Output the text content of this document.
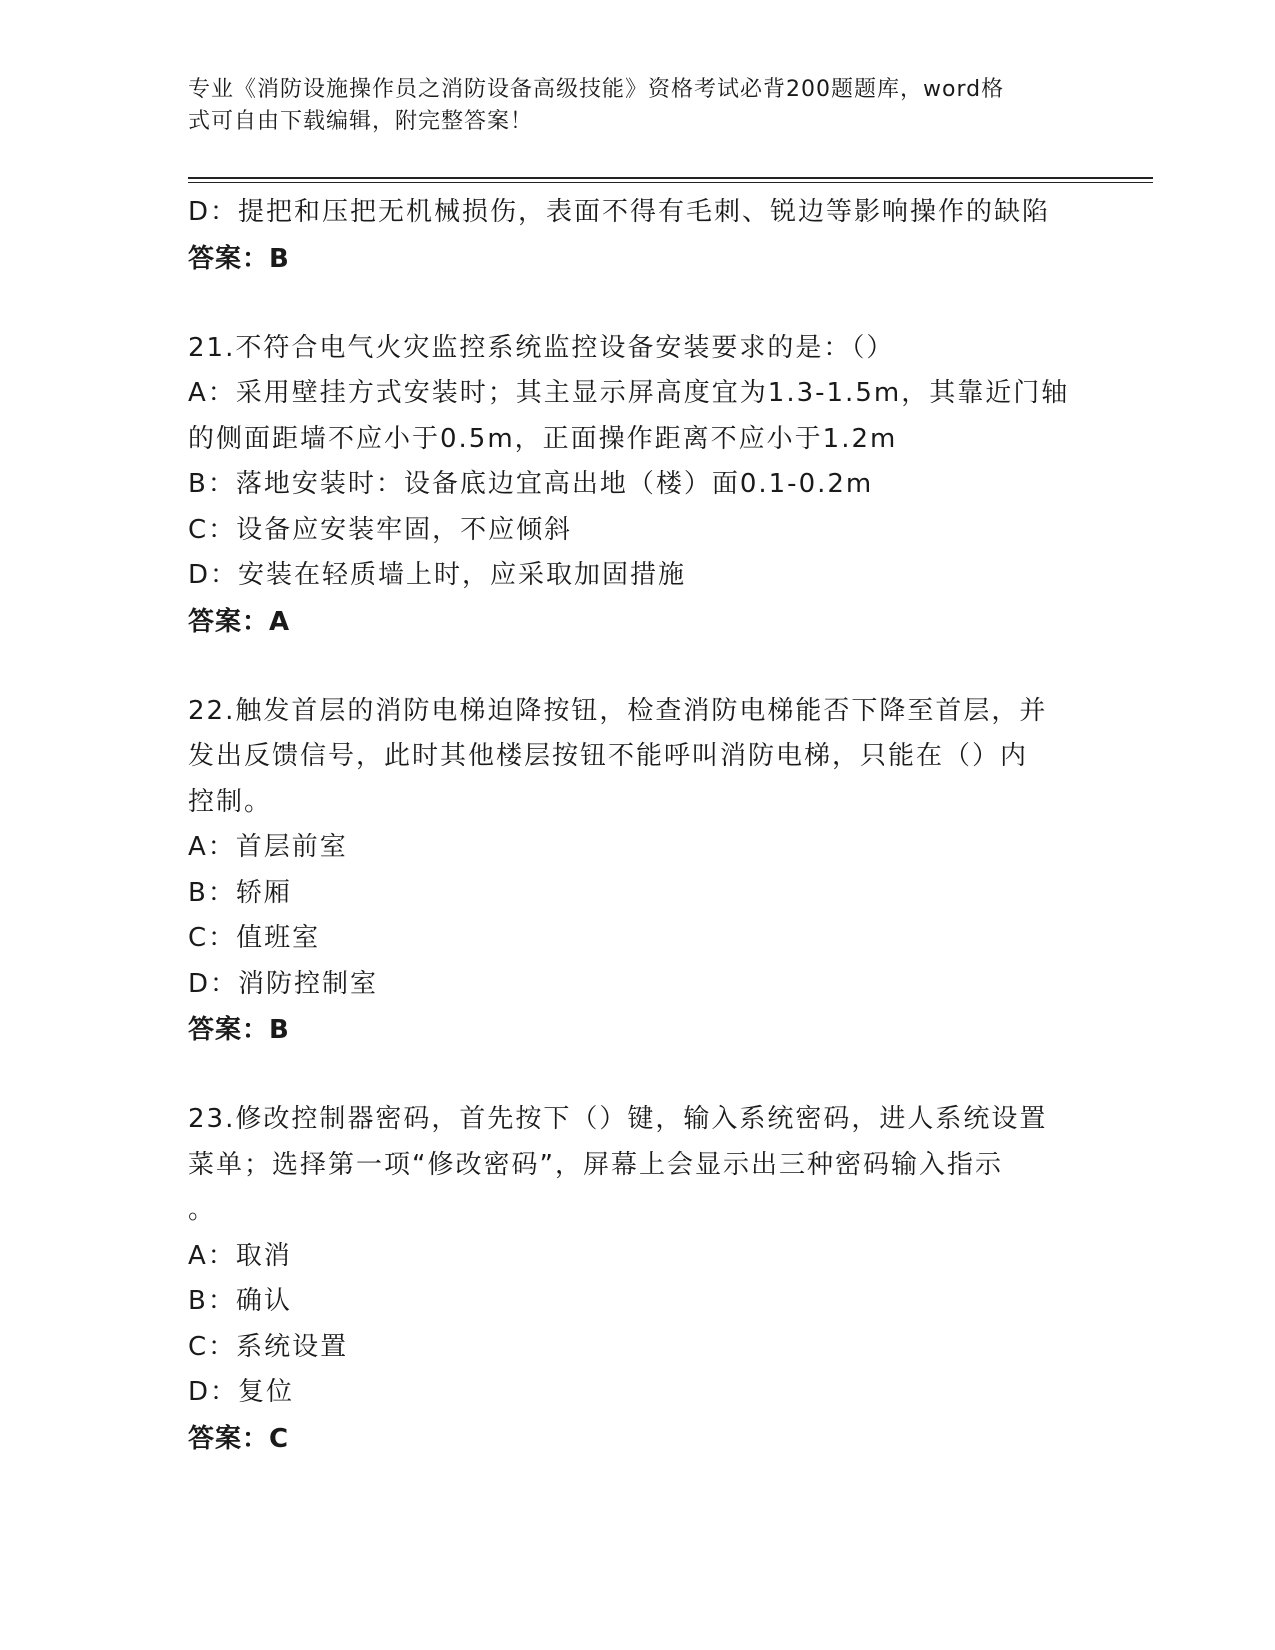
专业《消防设施操作员之消防设备高级技能》资格考试必背200题题库，word格
式可自由下载编辑，附完整答案！
D：提把和压把无机械损伤，表面不得有毛刺、锐边等影响操作的缺陷
答案：B
21.不符合电气火灾监控系统监控设备安装要求的是：（）
A：采用壁挂方式安装时；其主显示屏高度宜为1.3-1.5m，其靠近门轴
的侧面距墙不应小于0.5m，正面操作距离不应小于1.2m
B：落地安装时：设备底边宜高出地（楼）面0.1-0.2m
C：设备应安装牢固，不应倾斜
D：安装在轻质墙上时，应采取加固措施
答案：A
22.触发首层的消防电梯迫降按钮，检查消防电梯能否下降至首层，并
发出反馈信号，此时其他楼层按钮不能呼叫消防电梯，只能在（）内
控制。
A：首层前室
B：轿厢
C：值班室
D：消防控制室
答案：B
23.修改控制器密码，首先按下（）键，输入系统密码，进人系统设置
菜单；选择第一项“修改密码”，屏幕上会显示出三种密码输入指示
。
A：取消
B：确认
C：系统设置
D：复位
答案：C
